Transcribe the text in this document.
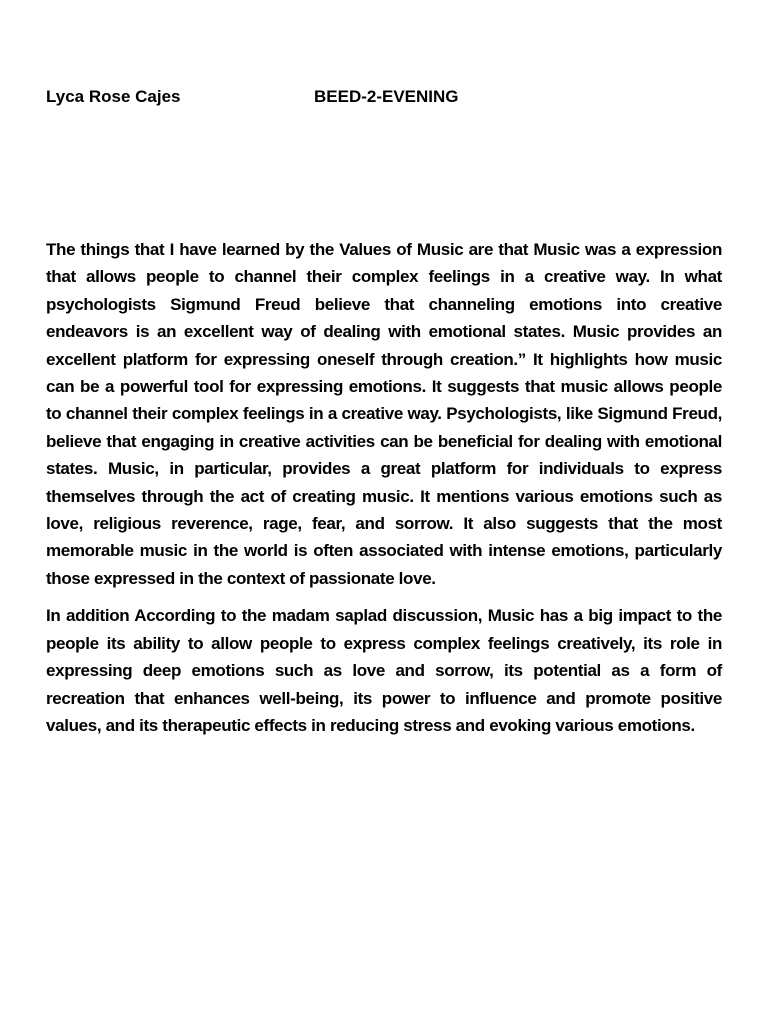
Lyca Rose Cajes	BEED-2-EVENING

The things that I have learned by the Values of Music are that Music was a expression that allows people to channel their complex feelings in a creative way. In what psychologists Sigmund Freud believe that channeling emotions into creative endeavors is an excellent way of dealing with emotional states. Music provides an excellent platform for expressing oneself through creation.” It highlights how music can be a powerful tool for expressing emotions. It suggests that music allows people to channel their complex feelings in a creative way. Psychologists, like Sigmund Freud, believe that engaging in creative activities can be beneficial for dealing with emotional states. Music, in particular, provides a great platform for individuals to express themselves through the act of creating music. It mentions various emotions such as love, religious reverence, rage, fear, and sorrow. It also suggests that the most memorable music in the world is often associated with intense emotions, particularly those expressed in the context of passionate love.

In addition According to the madam saplad discussion, Music has a big impact to the people its ability to allow people to express complex feelings creatively, its role in expressing deep emotions such as love and sorrow, its potential as a form of recreation that enhances well-being, its power to influence and promote positive values, and its therapeutic effects in reducing stress and evoking various emotions.
